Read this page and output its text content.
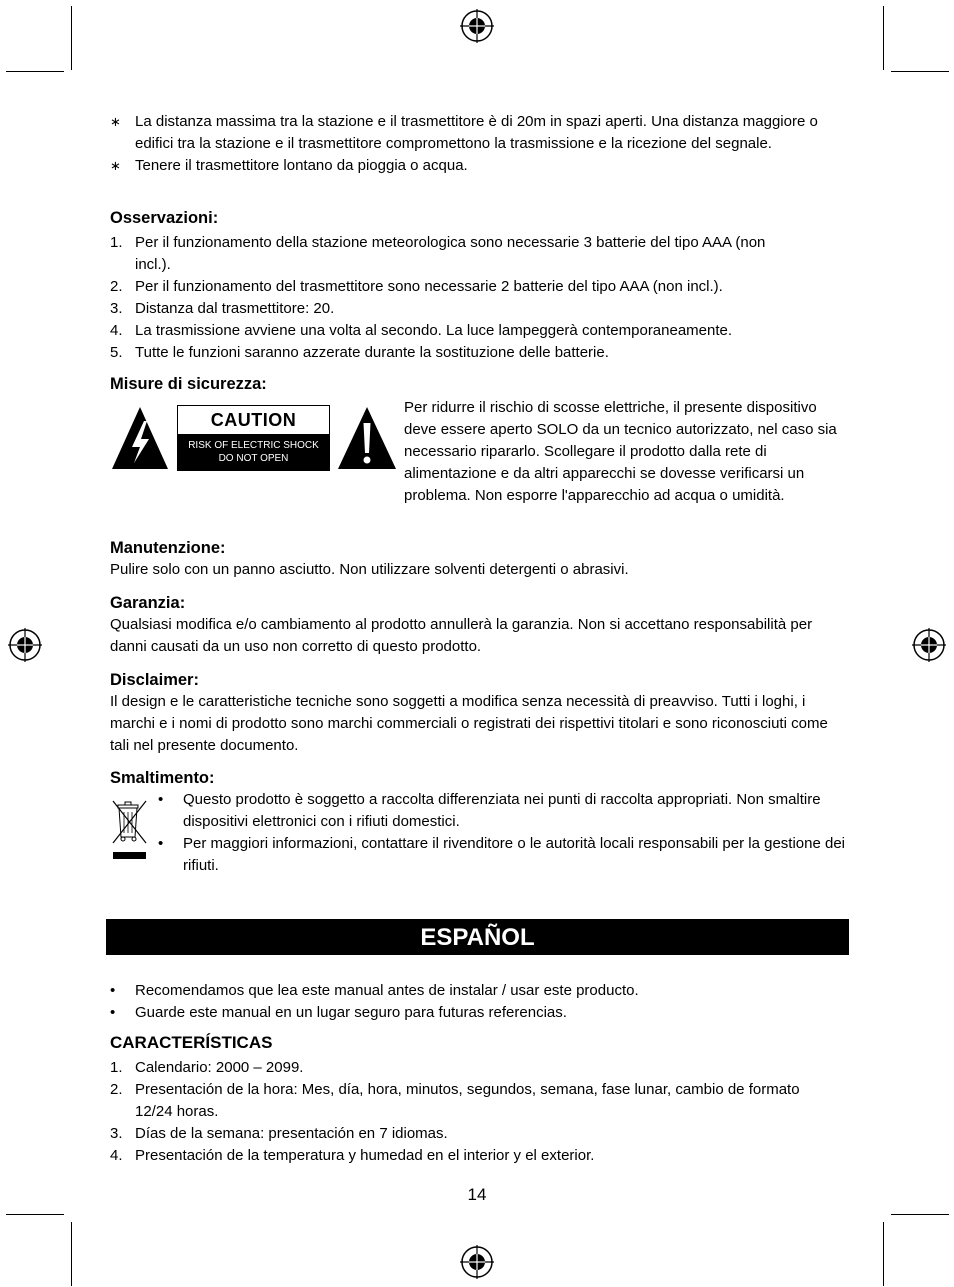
∗ La distanza massima tra la stazione e il trasmettitore è di 20m in spazi aperti. Una distanza maggiore o edifici tra la stazione e il trasmettitore compromettono la trasmissione e la ricezione del segnale.
∗ Tenere il trasmettitore lontano da pioggia o acqua.

Osservazioni:

1. Per il funzionamento della stazione meteorologica sono necessarie 3 batterie del tipo AAA (non incl.).
2. Per il funzionamento del trasmettitore sono necessarie 2 batterie del tipo AAA (non incl.).
3. Distanza dal trasmettitore: 20.
4. La trasmissione avviene una volta al secondo. La luce lampeggerà contemporaneamente.
5. Tutte le funzioni saranno azzerate durante la sostituzione delle batterie.

Misure di sicurezza:

CAUTION
RISK OF ELECTRIC SHOCK
DO NOT OPEN

Per ridurre il rischio di scosse elettriche, il presente dispositivo deve essere aperto SOLO da un tecnico autorizzato, nel caso sia necessario ripararlo. Scollegare il prodotto dalla rete di alimentazione e da altri apparecchi se dovesse verificarsi un problema. Non esporre l'apparecchio ad acqua o umidità.

Manutenzione:

Pulire solo con un panno asciutto. Non utilizzare solventi detergenti o abrasivi.

Garanzia:

Qualsiasi modifica e/o cambiamento al prodotto annullerà la garanzia. Non si accettano responsabilità per danni causati da un uso non corretto di questo prodotto.

Disclaimer:

Il design e le caratteristiche tecniche sono soggetti a modifica senza necessità di preavviso. Tutti i loghi, i marchi e i nomi di prodotto sono marchi commerciali o registrati dei rispettivi titolari e sono riconosciuti come tali nel presente documento.

Smaltimento:

•	Questo prodotto è soggetto a raccolta differenziata nei punti di raccolta appropriati. Non smaltire dispositivi elettronici con i rifiuti domestici.
•	Per maggiori informazioni, contattare il rivenditore o le autorità locali responsabili per la gestione dei rifiuti.
ESPAÑOL
•	Recomendamos que lea este manual antes de instalar / usar este producto.
•	Guarde este manual en un lugar seguro para futuras referencias.

CARACTERÍSTICAS

1. Calendario: 2000 – 2099.
2. Presentación de la hora: Mes, día, hora, minutos, segundos, semana, fase lunar, cambio de formato 12/24 horas.
3. Días de la semana: presentación en 7 idiomas.
4. Presentación de la temperatura y humedad en el interior y el exterior.
14
